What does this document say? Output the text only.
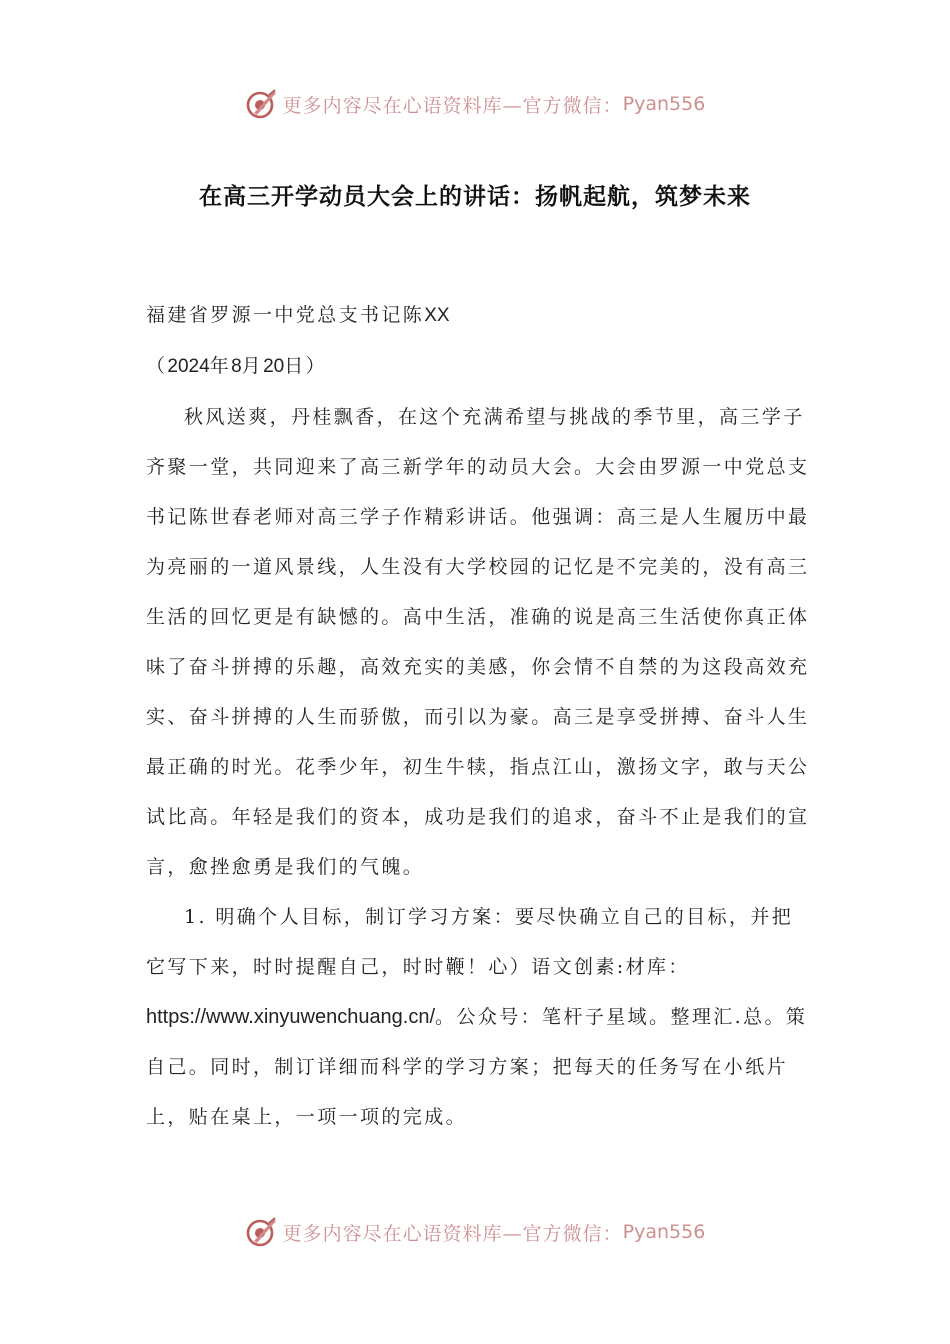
更多内容尽在心语资料库—官方微信： Pyan556
在高三开学动员大会上的讲话：扬帆起航，筑梦未来

福建省罗源一中党总支书记陈XX

（2024年8月20日）

秋风送爽，丹桂飘香，在这个充满希望与挑战的季节里，高三学子齐聚一堂，共同迎来了高三新学年的动员大会。大会由罗源一中党总支书记陈世春老师对高三学子作精彩讲话。他强调：高三是人生履历中最为亮丽的一道风景线，人生没有大学校园的记忆是不完美的，没有高三生活的回忆更是有缺憾的。高中生活，准确的说是高三生活使你真正体味了奋斗拼搏的乐趣，高效充实的美感，你会情不自禁的为这段高效充实、奋斗拼搏的人生而骄傲，而引以为豪。高三是享受拼搏、奋斗人生最正确的时光。花季少年，初生牛犊，指点江山，激扬文字，敢与天公试比高。年轻是我们的资本，成功是我们的追求，奋斗不止是我们的宣言，愈挫愈勇是我们的气魄。

1. 明确个人目标，制订学习方案：要尽快确立自己的目标，并把它写下来，时时提醒自己，时时鞭！心）语文创素:材库：https://www.xinyuwenchuang.cn/。公众号：笔杆子星域。整理汇.总。策自己。同时，制订详细而科学的学习方案；把每天的任务写在小纸片上，贴在桌上，一项一项的完成。

更多内容尽在心语资料库—官方微信： Pyan556
